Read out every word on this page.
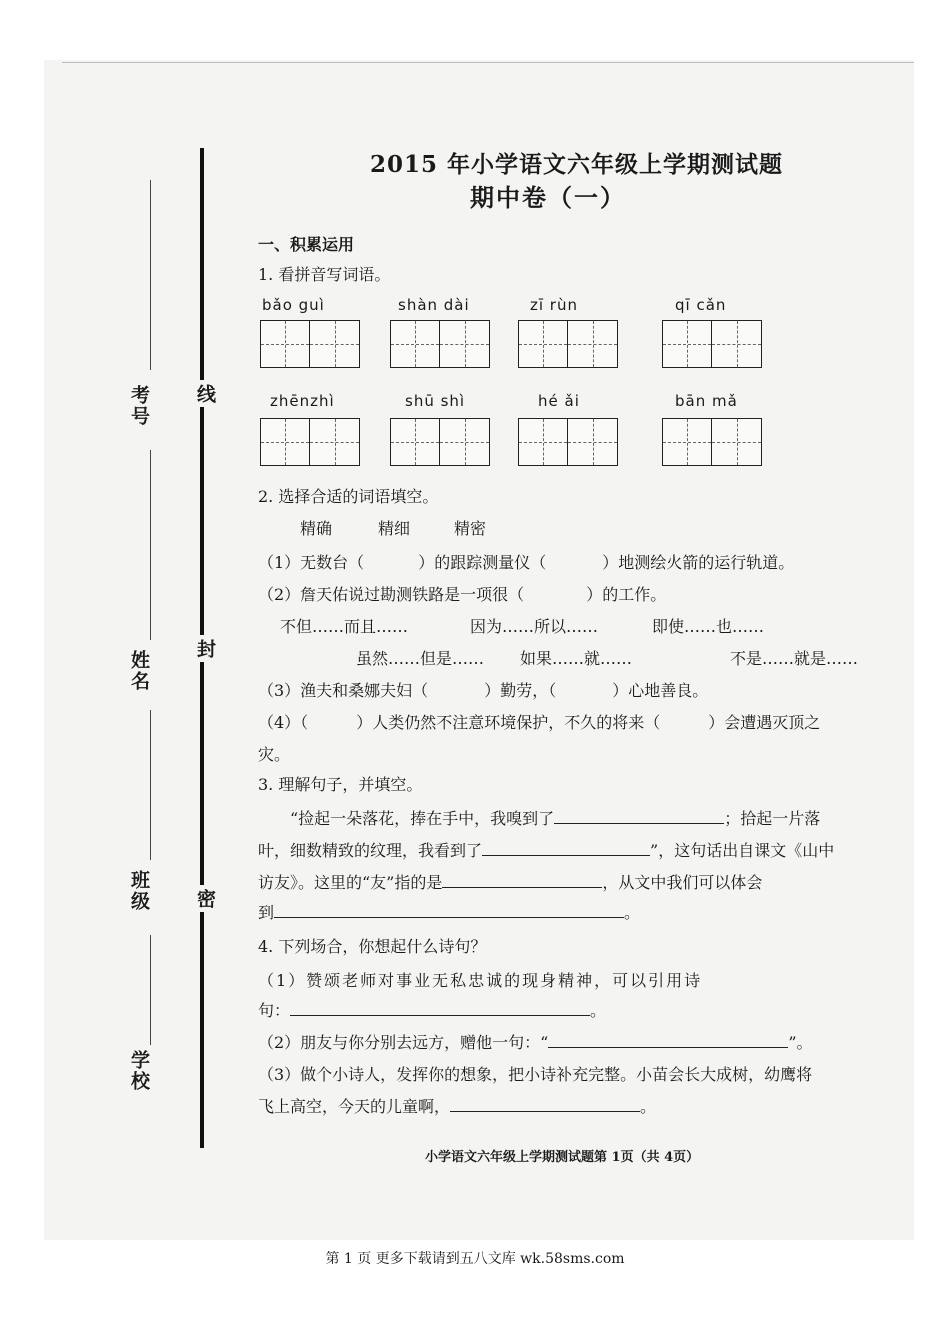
考号
姓名
班级
学校
线
封
密
2015 年小学语文六年级上学期测试题
期中卷（一）
一、积累运用
1. 看拼音写词语。
bǎo guì	shàn dài	zī rùn	qī cǎn
zhēnzhì	shū shì	hé ǎi	bān mǎ
2. 选择合适的词语填空。
精确	精细	精密
（1）无数台（	）的跟踪测量仪（	）地测绘火箭的运行轨道。
（2）詹天佑说过勘测铁路是一项很（	）的工作。
不但……而且……	因为……所以……	即使……也……
虽然……但是…… 如果……就……	不是……就是……
（3）渔夫和桑娜夫妇（	）勤劳，（	）心地善良。
（4）（	）人类仍然不注意环境保护，不久的将来（	）会遭遇灭顶之
灾。
3. 理解句子，并填空。
“捡起一朵落花，捧在手中，我嗅到了	；拾起一片落
叶，细数精致的纹理，我看到了	”，这句话出自课文《山中
访友》。这里的“友”指的是	，从文中我们可以体会
到	。
4. 下列场合，你想起什么诗句？
（1）赞颂老师对事业无私忠诚的现身精神，可以引用诗
句：	。
（2）朋友与你分别去远方，赠他一句：“	”。
（3）做个小诗人，发挥你的想象，把小诗补充完整。小苗会长大成树，幼鹰将
飞上高空，今天的儿童啊，	。
小学语文六年级上学期测试题第 1页（共 4页）
第 1 页 更多下载请到五八文库 wk.58sms.com
